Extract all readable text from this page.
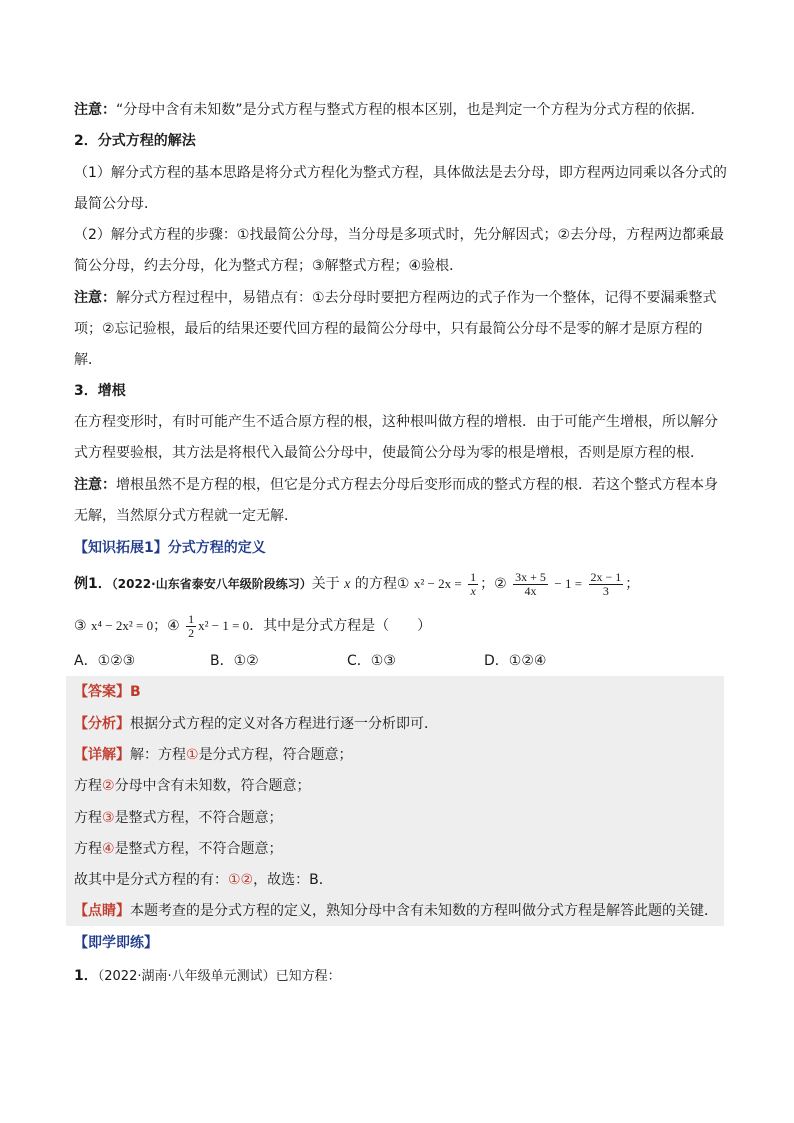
注意：“分母中含有未知数”是分式方程与整式方程的根本区别，也是判定一个方程为分式方程的依据．
2．分式方程的解法
（1）解分式方程的基本思路是将分式方程化为整式方程，具体做法是去分母，即方程两边同乘以各分式的
最简公分母．
（2）解分式方程的步骤：①找最简公分母，当分母是多项式时，先分解因式；②去分母，方程两边都乘最
简公分母，约去分母，化为整式方程；③解整式方程；④验根．
注意：解分式方程过程中，易错点有：①去分母时要把方程两边的式子作为一个整体，记得不要漏乘整式
项；②忘记验根，最后的结果还要代回方程的最简公分母中，只有最简公分母不是零的解才是原方程的
解．
3．增根
在方程变形时，有时可能产生不适合原方程的根，这种根叫做方程的增根．由于可能产生增根，所以解分
式方程要验根，其方法是将根代入最简公分母中，使最简公分母为零的根是增根，否则是原方程的根．
注意：增根虽然不是方程的根，但它是分式方程去分母后变形而成的整式方程的根．若这个整式方程本身
无解，当然原分式方程就一定无解．
【知识拓展1】分式方程的定义
例1．（2022·山东省泰安八年级阶段练习）关于 x 的方程① $x^2 - 2x = \frac{1}{x}$ ；② $\frac{3x + 5}{4x} - 1 = \frac{2x - 1}{3}$ ；
③ x⁴ − 2x² = 0；④ $\frac{1}{2} x^2 - 1 = 0$．其中是分式方程是（　　）
A．①②③	B．①②	C．①③	D．①②④
【答案】B
【分析】根据分式方程的定义对各方程进行逐一分析即可．
【详解】解：方程①是分式方程，符合题意；
方程②分母中含有未知数，符合题意；
方程③是整式方程，不符合题意；
方程④是整式方程，不符合题意；
故其中是分式方程的有：①②，故选：B．
【点睛】本题考查的是分式方程的定义，熟知分母中含有未知数的方程叫做分式方程是解答此题的关键．
【即学即练】
1．（2022·湖南·八年级单元测试）已知方程：
